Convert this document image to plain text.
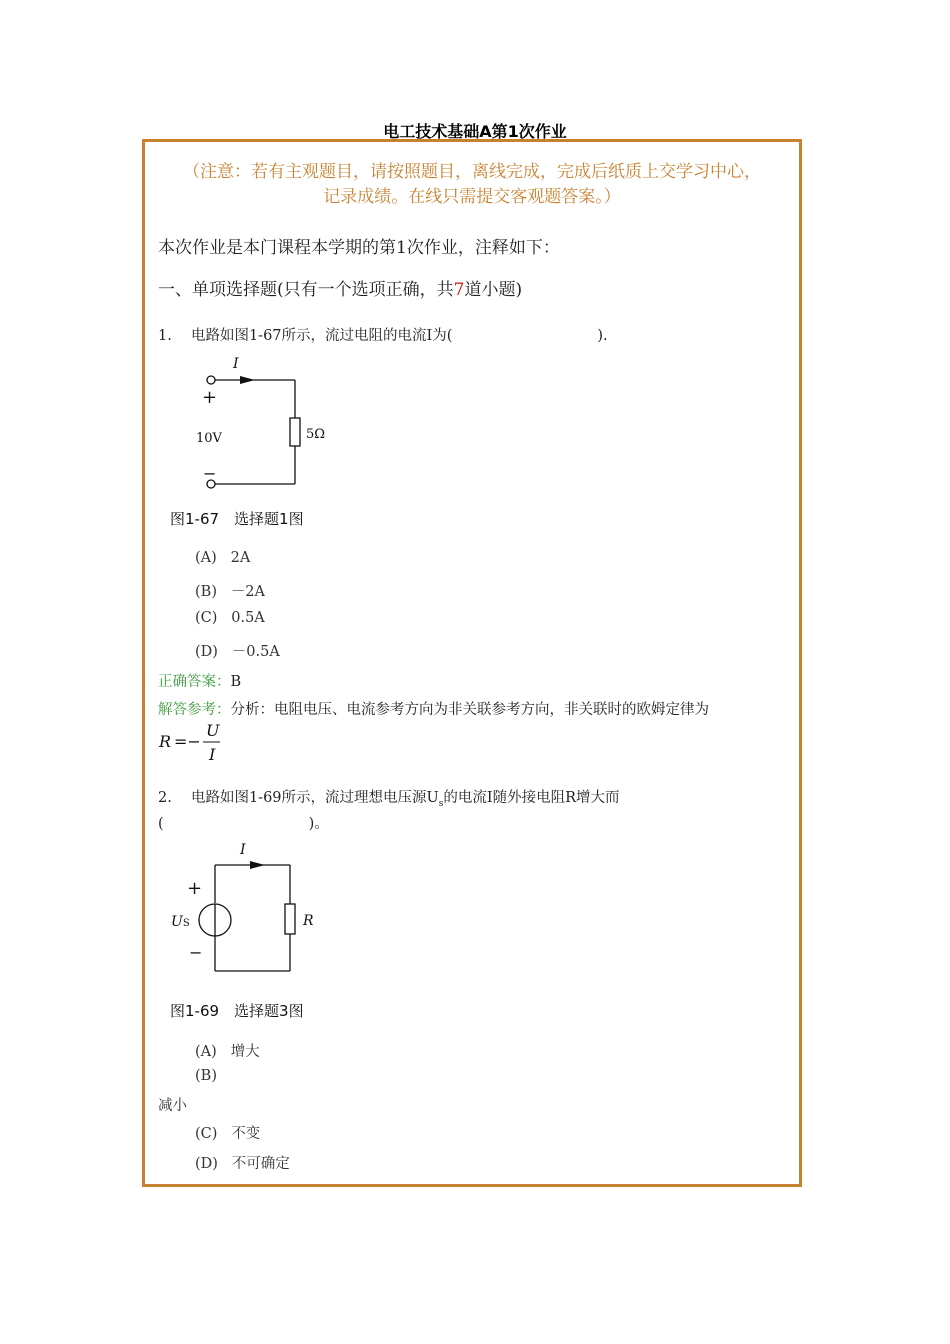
电工技术基础A第1次作业
（注意：若有主观题目，请按照题目，离线完成，完成后纸质上交学习中心，
记录成绩。在线只需提交客观题答案。）
本次作业是本门课程本学期的第1次作业，注释如下：
一、单项选择题(只有一个选项正确，共7道小题)
1.　 电路如图1-67所示，流过电阻的电流I为(　　　　　　　　　　).
I
+
10V
−
5Ω
图1-67　选择题1图
(A) 2A
(B) －2A
(C) 0.5A
(D) －0.5A
正确答案：B
解答参考：分析：电阻电压、电流参考方向为非关联参考方向，非关联时的欧姆定律为
R =−
U
I
2.　 电路如图1-69所示，流过理想电压源$U_s$的电流I随外接电阻R增大而
(　　　　　　　　　　)。
I
+
US
−
R
图1-69　选择题3图
(A) 增大
(B)
减小
(C) 不变
(D) 不可确定
